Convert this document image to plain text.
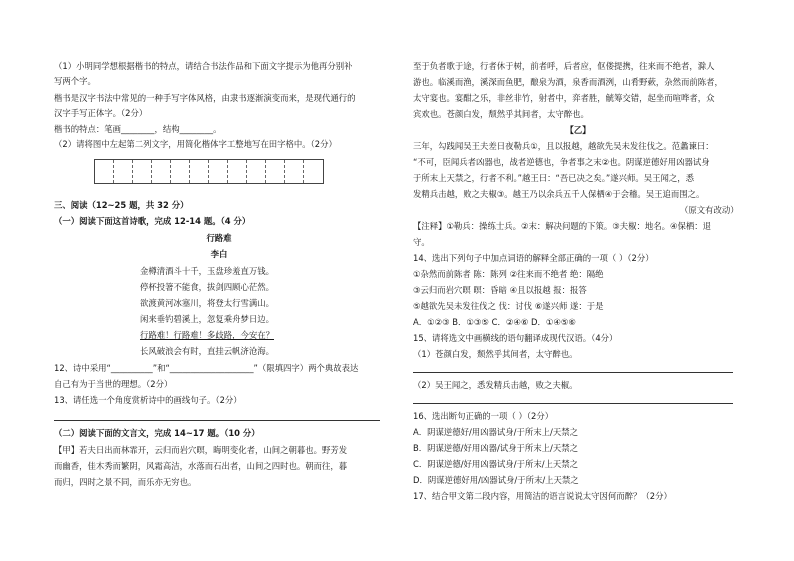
（1）小明同学想根据楷书的特点，请结合书法作品和下面文字提示为他再分别补
写两个字。
楷书是汉字书法中常见的一种手写字体风格，由隶书逐渐演变而来，是现代通行的
汉字手写正体字。（2分）
楷书的特点：笔画________，结构________。
（2）请将图中左起第二列文字，用简化楷体字工整地写在田字格中。（2分）
三、阅读（12~25 题，共 32 分）
（一）阅读下面这首诗歌，完成 12-14 题。（4 分）
行路难
李白
金樽清酒斗十千，玉盘珍羞直万钱。
停杯投箸不能食，拔剑四顾心茫然。
欲渡黄河冰塞川，将登太行雪满山。
闲来垂钓碧溪上，忽复乘舟梦日边。
行路难！行路难！多歧路，今安在？
长风破浪会有时，直挂云帆济沧海。
12、诗中采用“__________”和“____________________”（限填四字）两个典故表达
自己有为于当世的理想。（2分）
13、请任选一个角度赏析诗中的画线句子。（2分）
（二）阅读下面的文言文，完成 14~17 题。（10 分）
【甲】若夫日出而林霏开，云归而岩穴暝，晦明变化者，山间之朝暮也。野芳发
而幽香，佳木秀而繁阴，风霜高洁，水落而石出者，山间之四时也。朝而往，暮
而归，四时之景不同，而乐亦无穷也。
至于负者歌于途，行者休于树，前者呼，后者应，伛偻提携，往来而不绝者，滁人
游也。临溪而渔，溪深而鱼肥，酿泉为酒，泉香而酒洌，山肴野蔌，杂然而前陈者，
太守宴也。宴酣之乐，非丝非竹，射者中，弈者胜，觥筹交错，起坐而喧哗者，众
宾欢也。苍颜白发，颓然乎其间者，太守醉也。
【乙】
三年，勾践闻吴王夫差日夜勒兵①，且以报越，越欲先吴未发往伐之。范蠡谏曰：
“不可，臣闻兵者凶器也，战者逆德也，争者事之末②也。阴谋逆德好用凶器试身
于所末上天禁之，行者不利。”越王曰：“吾已决之矣。”遂兴师。吴王闻之，悉
发精兵击越，败之夫椒③。越王乃以余兵五千人保栖④于会稽。吴王追而围之。
（原文有改动）
【注释】①勒兵：操练士兵。②末：解决问题的下策。③夫椒：地名。④保栖：退
守。
14、选出下列句子中加点词语的解释全部正确的一项（ ）（2分）
①杂然而前陈者 陈：陈列 ②往来而不绝者 绝：隔绝
③云归而岩穴暝 暝：昏暗 ④且以报越 报：报答
⑤越欲先吴未发往伐之 伐：讨伐 ⑥遂兴师 遂：于是
A．①②③ B．①③⑤ C．②④⑥ D．①④⑤⑥
15、请将选文中画横线的语句翻译成现代汉语。（4分）
（1）苍颜白发，颓然乎其间者，太守醉也。
（2）吴王闻之，悉发精兵击越，败之夫椒。
16、选出断句正确的一项（ ）（2分）
A．阴谋逆德好/用凶器试身/于所末上/天禁之
B．阴谋逆德/好用凶器/试身于所末上/天禁之
C．阴谋逆德/好用凶器试身/于所末/上天禁之
D．阴谋逆德好用/凶器试身/于所末/上天禁之
17、结合甲文第二段内容，用简洁的语言说说太守因何而醉？（2分）
